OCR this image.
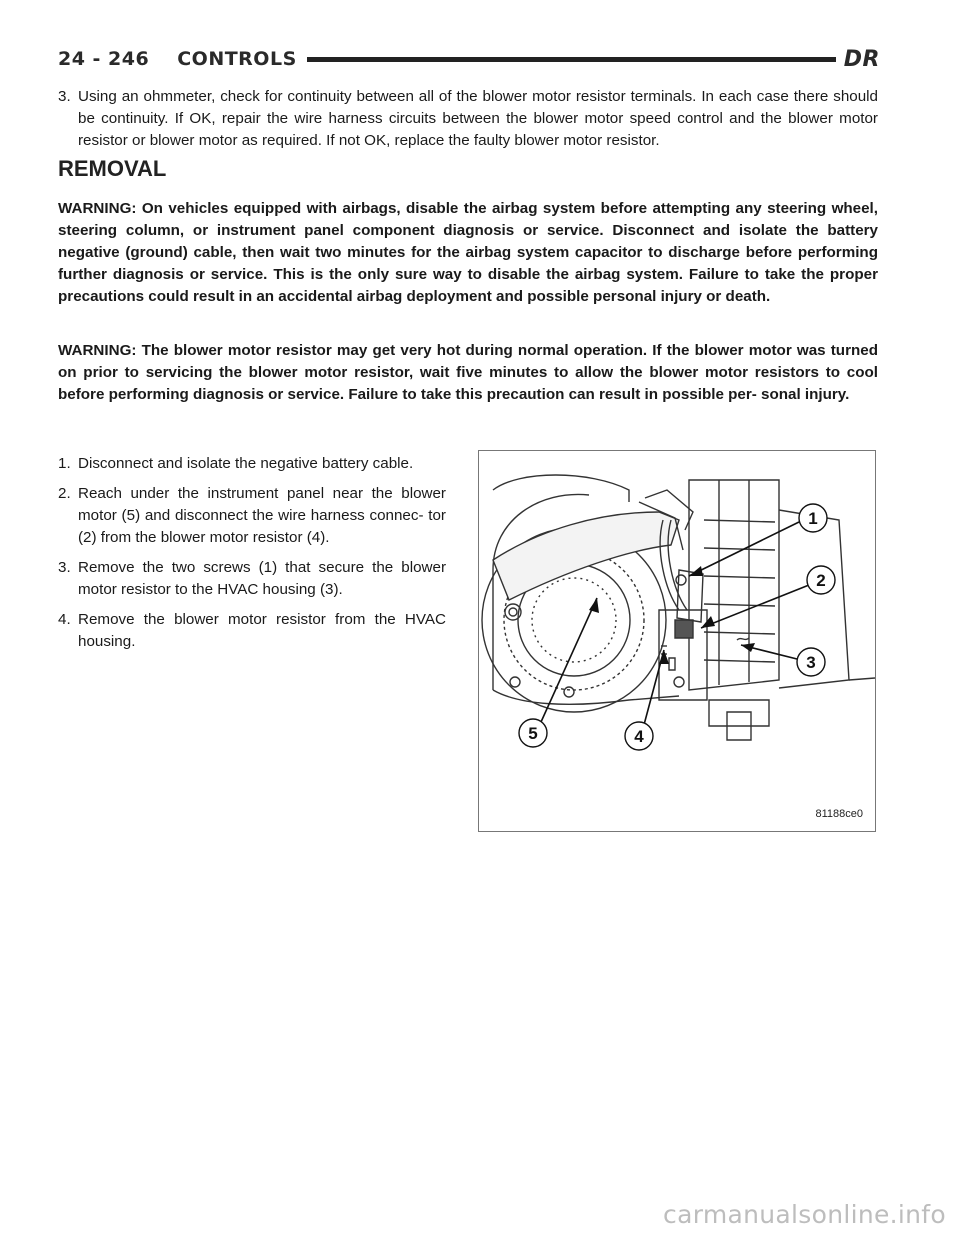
24 - 246 CONTROLS	DR
3. Using an ohmmeter, check for continuity between all of the blower motor resistor terminals. In each case there should be continuity. If OK, repair the wire harness circuits between the blower motor speed control and the blower motor resistor or blower motor as required. If not OK, replace the faulty blower motor resistor.
REMOVAL
WARNING: On vehicles equipped with airbags, disable the airbag system before attempting any steering wheel, steering column, or instrument panel component diagnosis or service. Disconnect and isolate the battery negative (ground) cable, then wait two minutes for the airbag system capacitor to discharge before performing further diagnosis or service. This is the only sure way to disable the airbag system. Failure to take the proper precautions could result in an accidental airbag deployment and possible personal injury or death.
WARNING: The blower motor resistor may get very hot during normal operation. If the blower motor was turned on prior to servicing the blower motor resistor, wait five minutes to allow the blower motor resistors to cool before performing diagnosis or service. Failure to take this precaution can result in possible per- sonal injury.
1. Disconnect and isolate the negative battery cable.
2. Reach under the instrument panel near the blower motor (5) and disconnect the wire harness connec- tor (2) from the blower motor resistor (4).
3. Remove the two screws (1) that secure the blower motor resistor to the HVAC housing (3).
4. Remove the blower motor resistor from the HVAC housing.
1
2
3
4
5
81188ce0
carmanualsonline.info
